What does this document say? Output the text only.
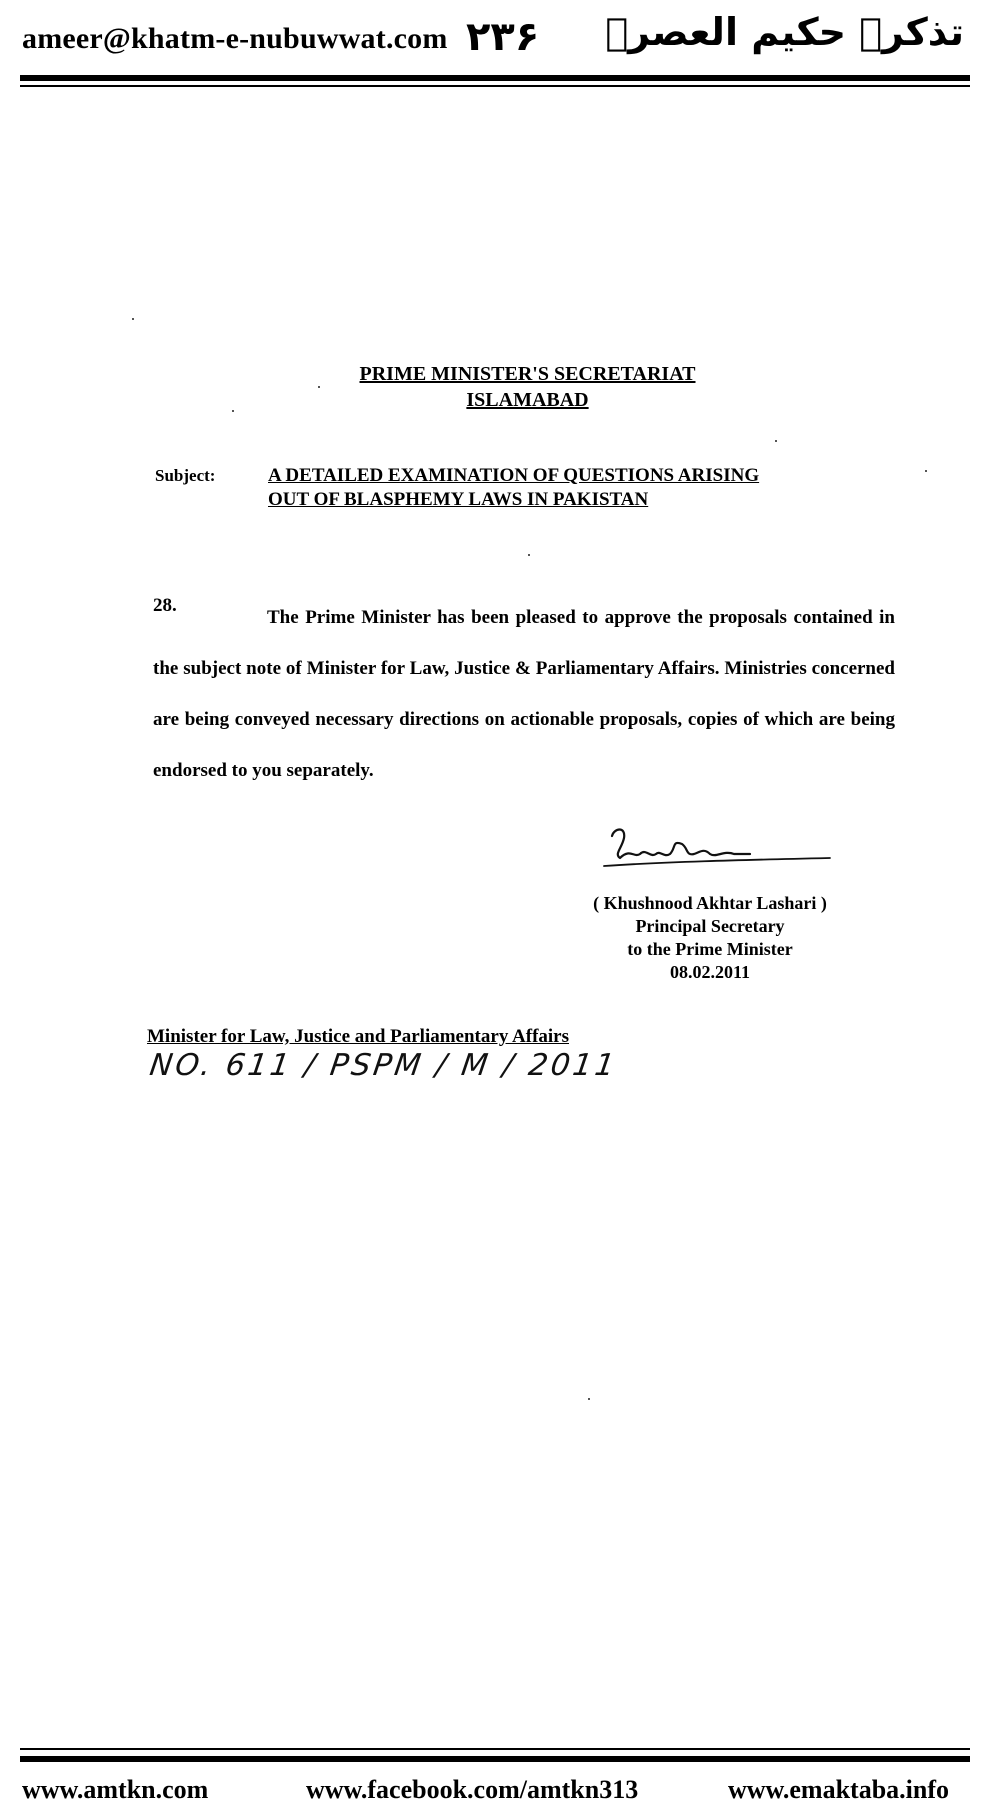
ameer@khatm-e-nubuwwat.com ۲۳۶ تذکرہ حکیم العصرؒ
PRIME MINISTER'S SECRETARIAT
ISLAMABAD
Subject:	A DETAILED EXAMINATION OF QUESTIONS ARISING
OUT OF BLASPHEMY LAWS IN PAKISTAN
28.
The Prime Minister has been pleased to approve the proposals contained in the subject note of Minister for Law, Justice & Parliamentary Affairs. Ministries concerned are being conveyed necessary directions on actionable proposals, copies of which are being endorsed to you separately.
( Khushnood Akhtar Lashari )
Principal Secretary
to the Prime Minister
08.02.2011
Minister for Law, Justice and Parliamentary Affairs
NO. 611 / PSPM / M / 2011
www.amtkn.com	www.facebook.com/amtkn313	www.emaktaba.info
